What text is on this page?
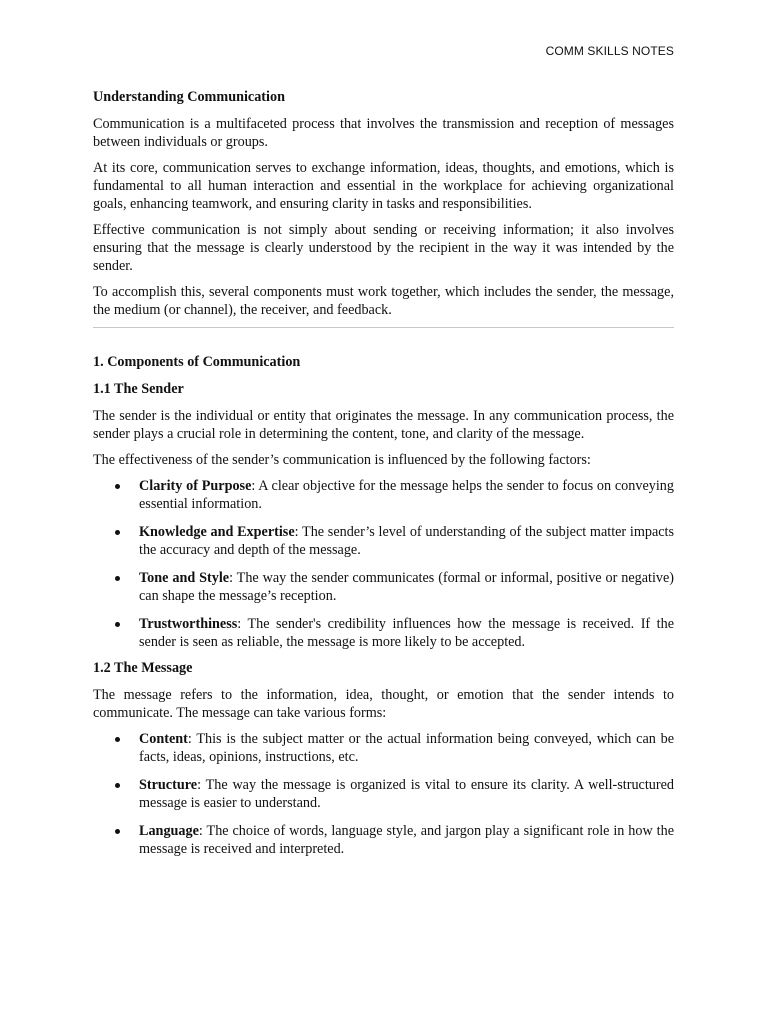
COMM SKILLS NOTES
Understanding Communication

Communication is a multifaceted process that involves the transmission and reception of messages between individuals or groups.

At its core, communication serves to exchange information, ideas, thoughts, and emotions, which is fundamental to all human interaction and essential in the workplace for achieving organizational goals, enhancing teamwork, and ensuring clarity in tasks and responsibilities.

Effective communication is not simply about sending or receiving information; it also involves ensuring that the message is clearly understood by the recipient in the way it was intended by the sender.

To accomplish this, several components must work together, which includes the sender, the message, the medium (or channel), the receiver, and feedback.

1. Components of Communication
1.1 The Sender

The sender is the individual or entity that originates the message. In any communication process, the sender plays a crucial role in determining the content, tone, and clarity of the message.

The effectiveness of the sender’s communication is influenced by the following factors:

Clarity of Purpose: A clear objective for the message helps the sender to focus on conveying essential information.
Knowledge and Expertise: The sender’s level of understanding of the subject matter impacts the accuracy and depth of the message.
Tone and Style: The way the sender communicates (formal or informal, positive or negative) can shape the message’s reception.
Trustworthiness: The sender's credibility influences how the message is received. If the sender is seen as reliable, the message is more likely to be accepted.
1.2 The Message

The message refers to the information, idea, thought, or emotion that the sender intends to communicate. The message can take various forms:

Content: This is the subject matter or the actual information being conveyed, which can be facts, ideas, opinions, instructions, etc.
Structure: The way the message is organized is vital to ensure its clarity. A well-structured message is easier to understand.
Language: The choice of words, language style, and jargon play a significant role in how the message is received and interpreted.
